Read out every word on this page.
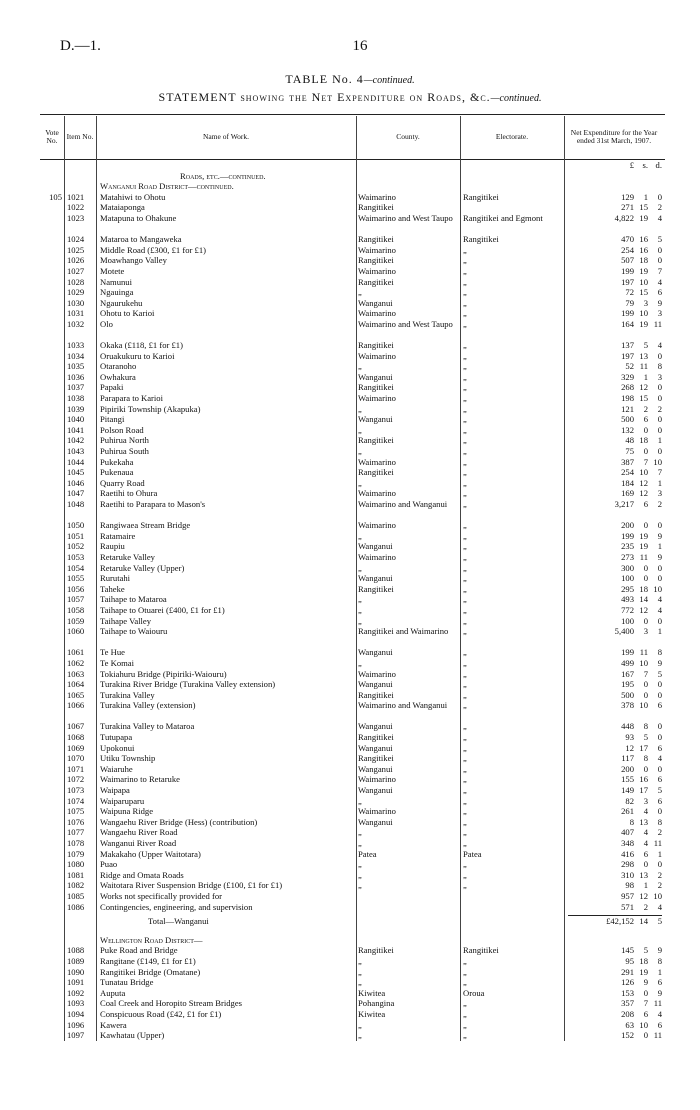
D.—1.	16
TABLE No. 4—continued.
STATEMENT showing the Net Expenditure on Roads, &c.—continued.
Vote No.	Item No.	Name of Work.	County.	Electorate.	Net Expenditure for the Year ended 31st March, 1907.
£ s. d.
Roads, etc.—continued.
Wanganui Road District—continued.
105 1021	Matahiwi to Ohotu	Waimarino	Rangitikei	129 1 0
1022	Mataiaponga	Rangitikei	271 15 2
1023	Matapuna to Ohakune	Waimarino and West Taupo	Rangitikei and Egmont	4,822 19 4
1024	Mataroa to Mangaweka	Rangitikei	Rangitikei	470 16 5
1025	Middle Road (£300, £1 for £1)	Waimarino	„	254 16 0
1026	Moawhango Valley	Rangitikei	„	507 18 0
1027	Motete	Waimarino	„	199 19 7
1028	Namunui	Rangitikei	„	197 10 4
1029	Ngauinga	„	„	72 15 6
1030	Ngaurukehu	Wanganui	„	79 3 9
1031	Ohotu to Karioi	Waimarino	„	199 10 3
1032	Olo	Waimarino and West Taupo	„	164 19 11
1033	Okaka (£118, £1 for £1)	Rangitikei	„	137 5 4
1034	Oruakukuru to Karioi	Waimarino	„	197 13 0
1035	Otaranoho	„	„	52 11 8
1036	Owhakura	Wanganui	„	329 1 3
1037	Papaki	Rangitikei	„	268 12 0
1038	Parapara to Karioi	Waimarino	„	198 15 0
1039	Pipiriki Township (Akapuka)	„	„	121 2 2
1040	Pitangi	Wanganui	„	500 6 0
1041	Polson Road	„	„	132 0 0
1042	Puhirua North	Rangitikei	„	48 18 1
1043	Puhirua South	„	„	75 0 0
1044	Pukekaha	Waimarino	„	387 7 10
1045	Pukenaua	Rangitikei	„	254 10 7
1046	Quarry Road	„	„	184 12 1
1047	Raetihi to Ohura	Waimarino	„	169 12 3
1048	Raetihi to Parapara to Mason's	Waimarino and Wanganui	„	3,217 6 2
1050	Rangiwaea Stream Bridge	Waimarino	„	200 0 0
1051	Ratamaire	„	„	199 19 9
1052	Raupiu	Wanganui	„	235 19 1
1053	Retaruke Valley	Waimarino	„	273 11 9
1054	Retaruke Valley (Upper)	„	„	300 0 0
1055	Rurutahi	Wanganui	„	100 0 0
1056	Taheke	Rangitikei	„	295 18 10
1057	Taihape to Mataroa	„	„	493 14 4
1058	Taihape to Otuarei (£400, £1 for £1)	„	„	772 12 4
1059	Taihape Valley	„	„	100 0 0
1060	Taihape to Waiouru	Rangitikei and Waimarino	„	5,400 3 1
1061	Te Hue	Wanganui	„	199 11 8
1062	Te Komai	„	„	499 10 9
1063	Tokiahuru Bridge (Pipiriki-Waiouru)	Waimarino	„	167 7 5
1064	Turakina River Bridge (Turakina Valley extension)	Wanganui	„	195 0 0
1065	Turakina Valley	Rangitikei	„	500 0 0
1066	Turakina Valley (extension)	Waimarino and Wanganui	„	378 10 6
1067	Turakina Valley to Mataroa	Wanganui	„	448 8 0
1068	Tutupapa	Rangitikei	„	93 5 0
1069	Upokonui	Wanganui	„	12 17 6
1070	Utiku Township	Rangitikei	„	117 8 4
1071	Waiaruhe	Wanganui	„	200 0 0
1072	Waimarino to Retaruke	Waimarino	„	155 16 6
1073	Waipapa	Wanganui	„	149 17 5
1074	Waiparuparu	„	„	82 3 6
1075	Waipuna Ridge	Waimarino	„	261 4 0
1076	Wangaehu River Bridge (Hess) (contribution)	Wanganui	„	8 13 8
1077	Wangaehu River Road	„	„	407 4 2
1078	Wanganui River Road	„	„	348 4 11
1079	Makakaho (Upper Waitotara)	Patea	Patea	416 6 1
1080	Puao	„	„	298 0 0
1081	Ridge and Omata Roads	„	„	310 13 2
1082	Waitotara River Suspension Bridge (£100, £1 for £1)	„	„	98 1 2
1085	Works not specifically provided for	957 12 10
1086	Contingencies, engineering, and supervision	571 2 4
Total—Wanganui	£42,152 14 5
Wellington Road District—
1088	Puke Road and Bridge	Rangitikei	Rangitikei	145 5 9
1089	Rangitane (£149, £1 for £1)	„	„	95 18 8
1090	Rangitikei Bridge (Omatane)	„	„	291 19 1
1091	Tunatau Bridge	„	„	126 9 6
1092	Auputa	Kiwitea	Oroua	153 0 9
1093	Coal Creek and Horopito Stream Bridges	Pohangina	„	357 7 11
1094	Conspicuous Road (£42, £1 for £1)	Kiwitea	„	208 6 4
1096	Kawera	„	„	63 10 6
1097	Kawhatau (Upper)	„	„	152 0 11
